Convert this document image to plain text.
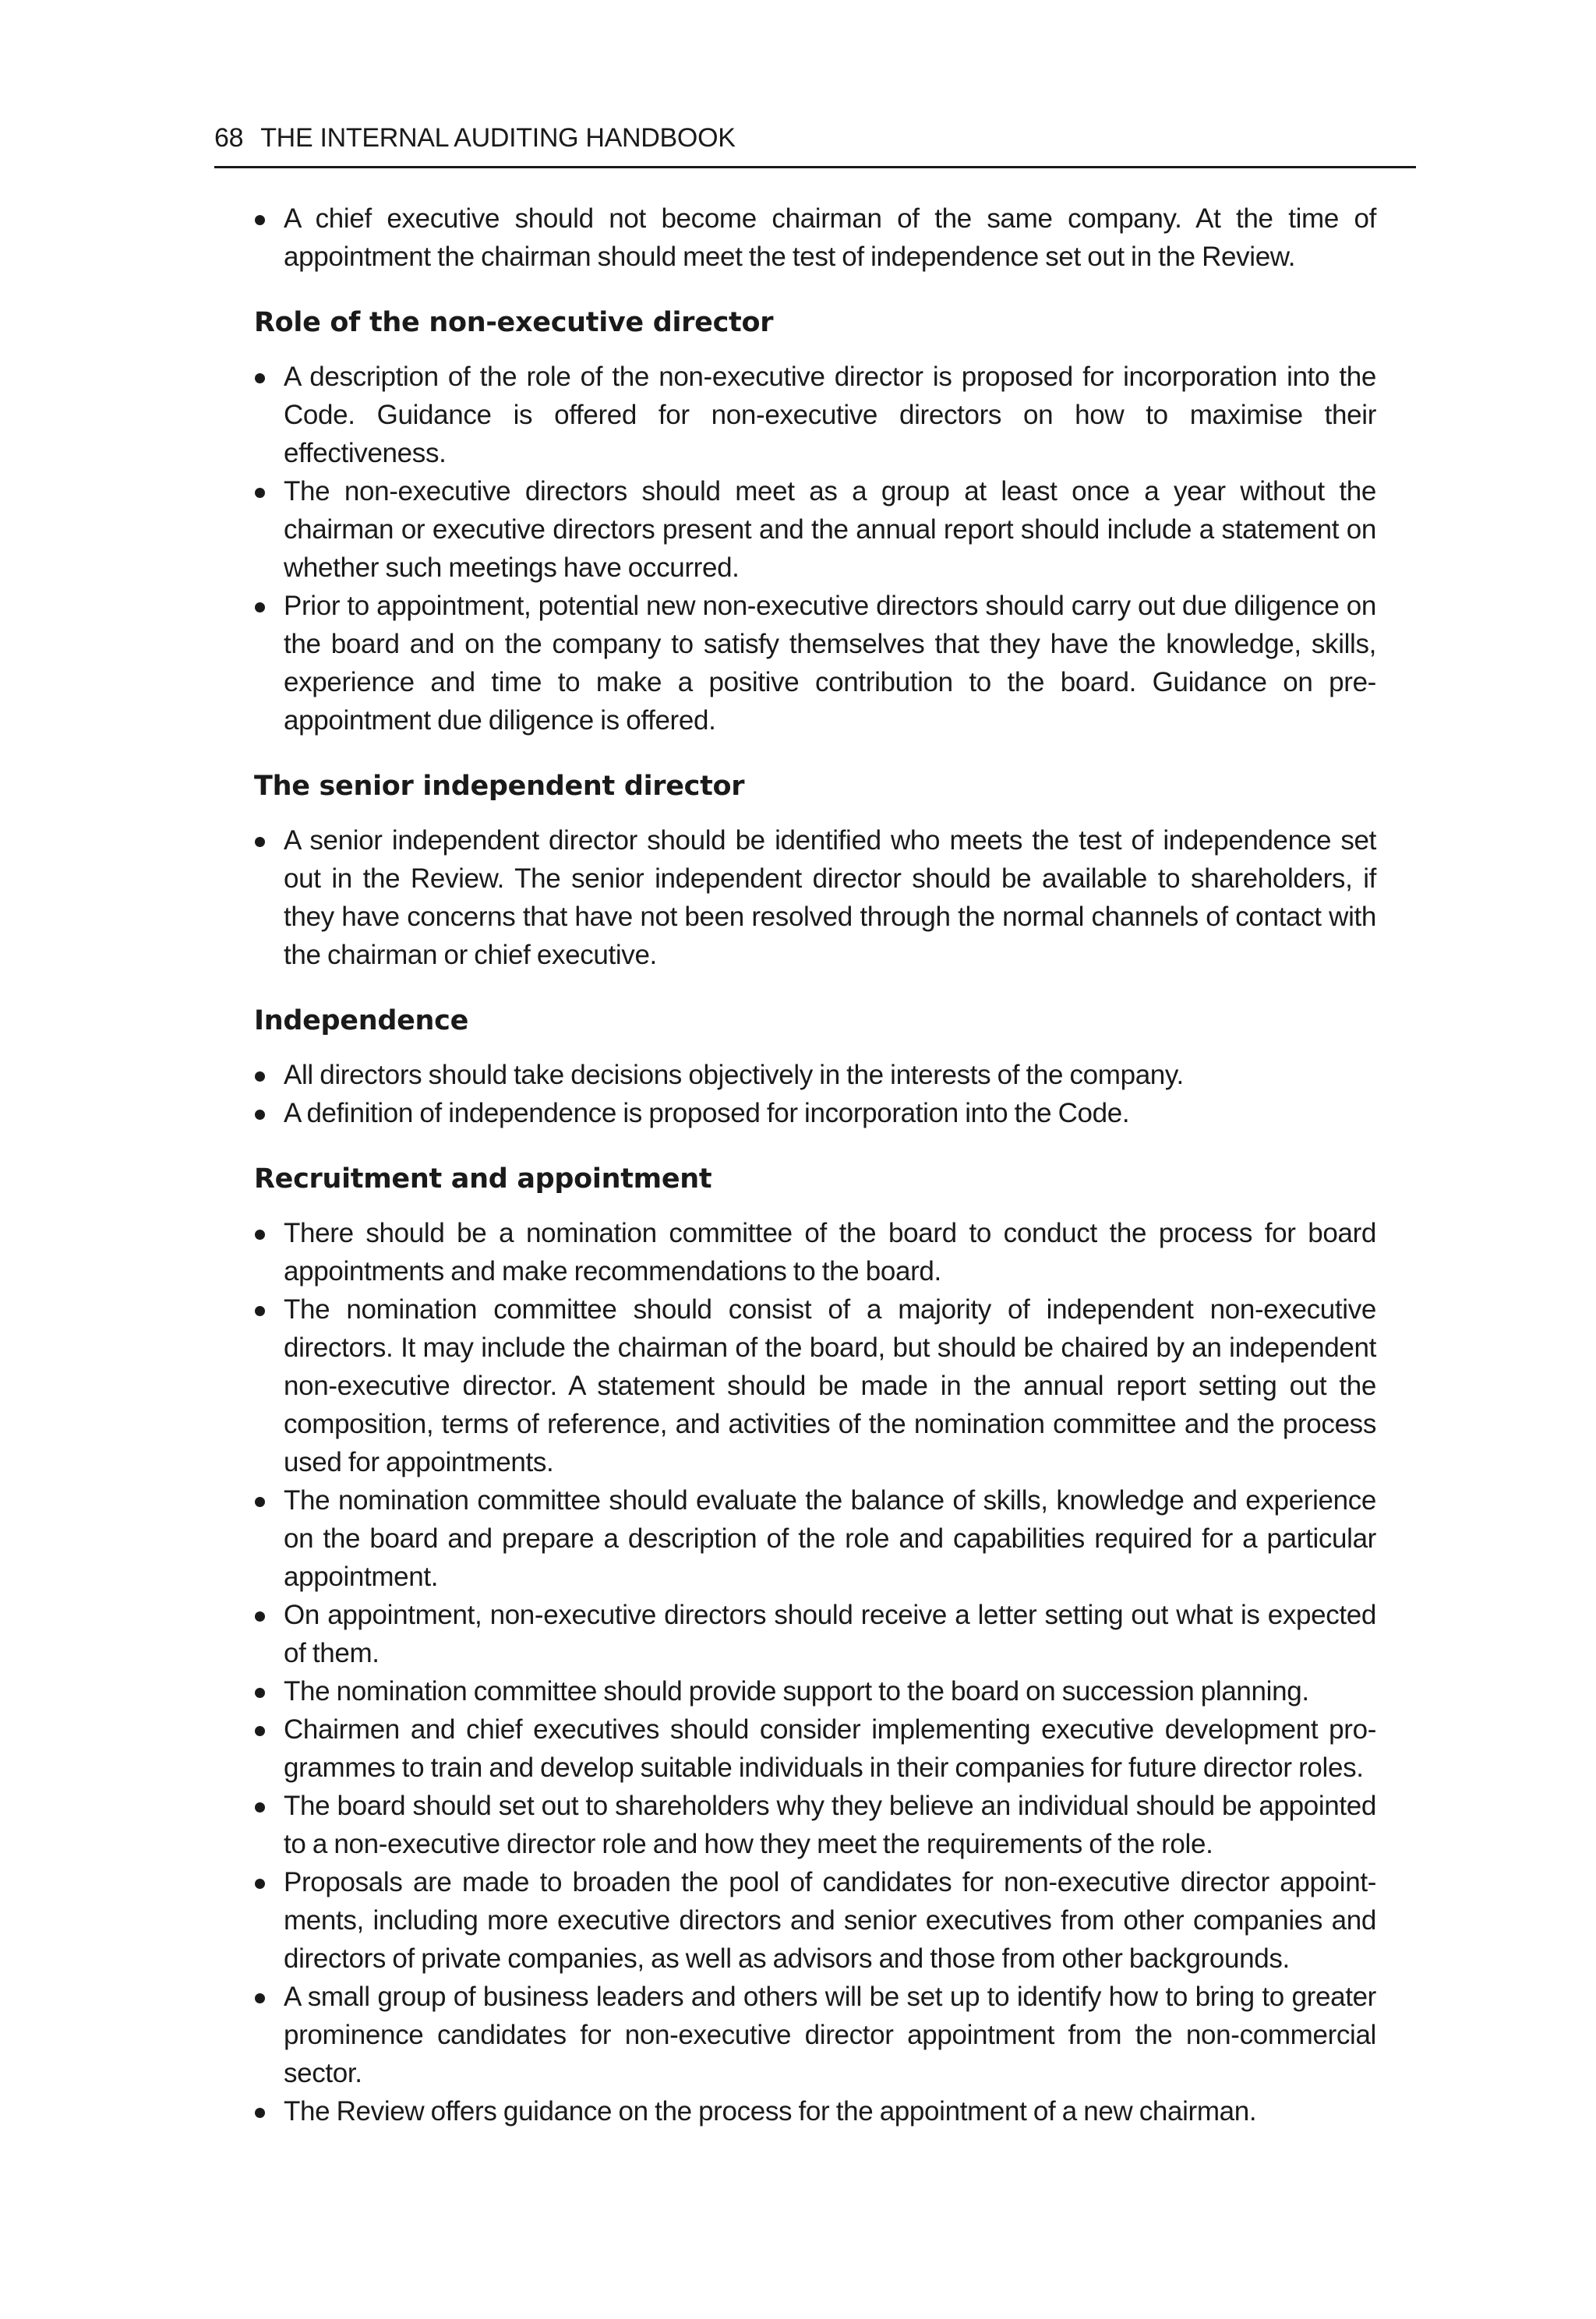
68 THE INTERNAL AUDITING HANDBOOK
A chief executive should not become chairman of the same company. At the time of appointment the chairman should meet the test of independence set out in the Review.
Role of the non-executive director
A description of the role of the non-executive director is proposed for incorporation into the Code. Guidance is offered for non-executive directors on how to maximise their effectiveness.
The non-executive directors should meet as a group at least once a year without the chairman or executive directors present and the annual report should include a statement on whether such meetings have occurred.
Prior to appointment, potential new non-executive directors should carry out due diligence on the board and on the company to satisfy themselves that they have the knowledge, skills, experience and time to make a positive contribution to the board. Guidance on pre-appointment due diligence is offered.
The senior independent director
A senior independent director should be identified who meets the test of independence set out in the Review. The senior independent director should be available to shareholders, if they have concerns that have not been resolved through the normal channels of contact with the chairman or chief executive.
Independence
All directors should take decisions objectively in the interests of the company.
A definition of independence is proposed for incorporation into the Code.
Recruitment and appointment
There should be a nomination committee of the board to conduct the process for board appointments and make recommendations to the board.
The nomination committee should consist of a majority of independent non-executive directors. It may include the chairman of the board, but should be chaired by an independent non-executive director. A statement should be made in the annual report setting out the composition, terms of reference, and activities of the nomination committee and the process used for appointments.
The nomination committee should evaluate the balance of skills, knowledge and experience on the board and prepare a description of the role and capabilities required for a particular appointment.
On appointment, non-executive directors should receive a letter setting out what is expected of them.
The nomination committee should provide support to the board on succession planning.
Chairmen and chief executives should consider implementing executive development pro-grammes to train and develop suitable individuals in their companies for future director roles.
The board should set out to shareholders why they believe an individual should be appointed to a non-executive director role and how they meet the requirements of the role.
Proposals are made to broaden the pool of candidates for non-executive director appoint-ments, including more executive directors and senior executives from other companies and directors of private companies, as well as advisors and those from other backgrounds.
A small group of business leaders and others will be set up to identify how to bring to greater prominence candidates for non-executive director appointment from the non-commercial sector.
The Review offers guidance on the process for the appointment of a new chairman.
